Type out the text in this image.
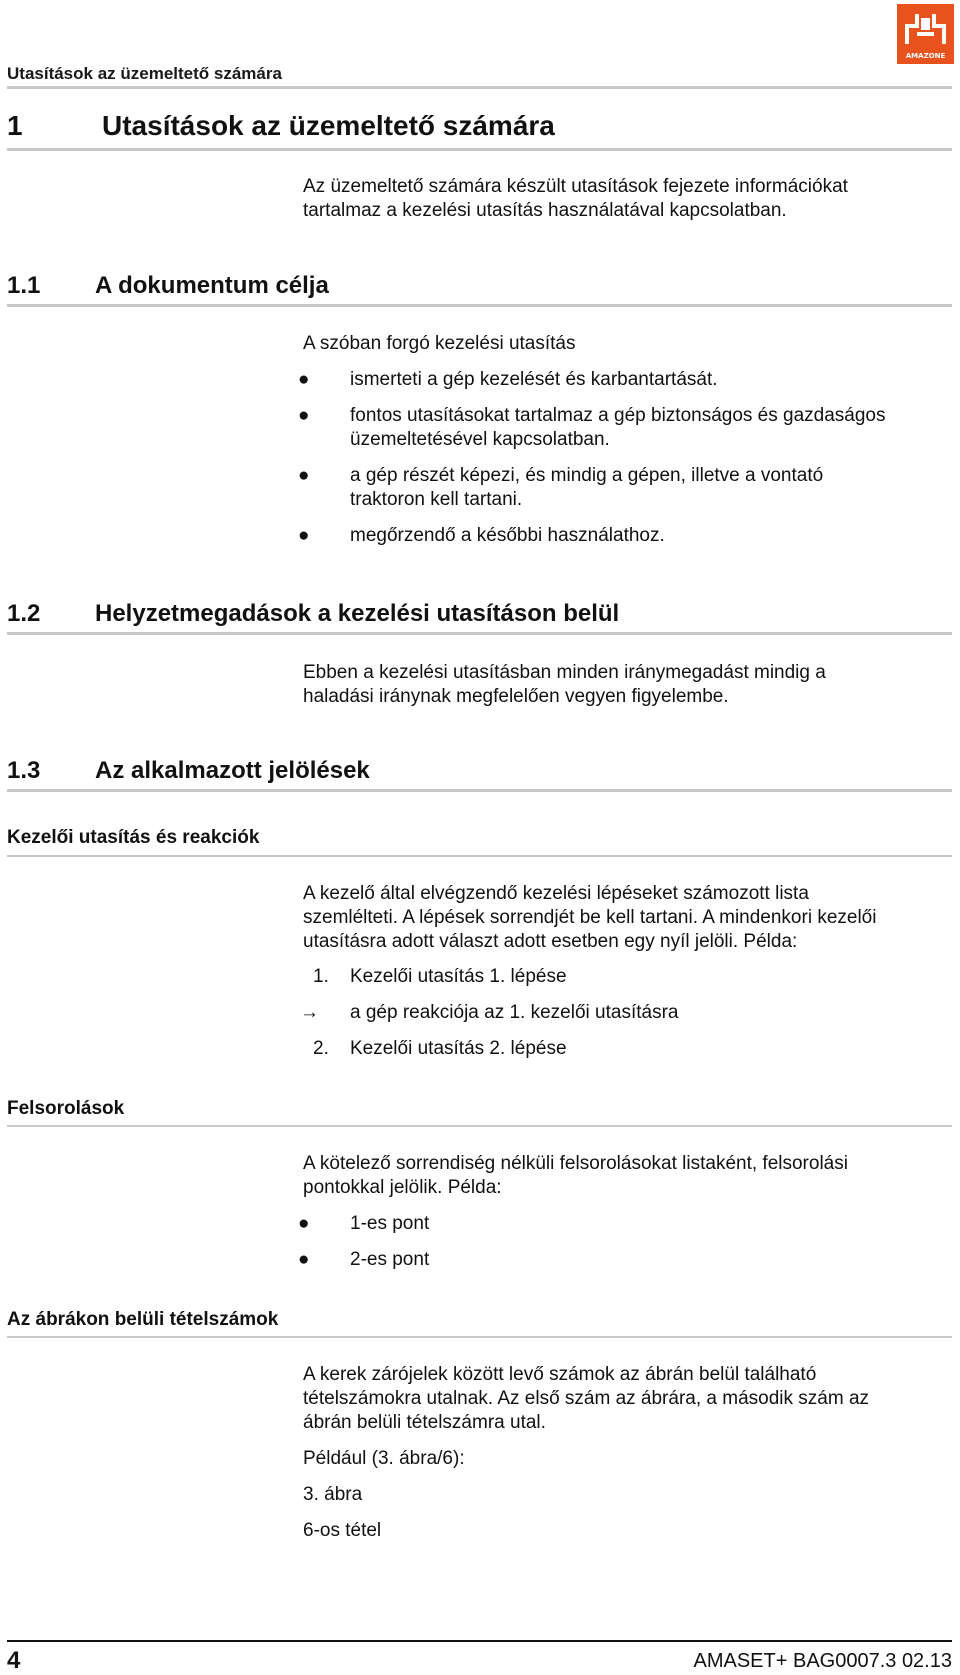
AMAZONE
Utasítások az üzemeltető számára
1	Utasítások az üzemeltető számára
Az üzemeltető számára készült utasítások fejezete információkat
tartalmaz a kezelési utasítás használatával kapcsolatban.
1.1 A dokumentum célja
A szóban forgó kezelési utasítás
●	ismerteti a gép kezelését és karbantartását.
●	fontos utasításokat tartalmaz a gép biztonságos és gazdaságos
üzemeltetésével kapcsolatban.
●	a gép részét képezi, és mindig a gépen, illetve a vontató
traktoron kell tartani.
●	megőrzendő a későbbi használathoz.
1.2 Helyzetmegadások a kezelési utasításon belül
Ebben a kezelési utasításban minden iránymegadást mindig a
haladási iránynak megfelelően vegyen figyelembe.
1.3 Az alkalmazott jelölések
Kezelői utasítás és reakciók
A kezelő által elvégzendő kezelési lépéseket számozott lista
szemlélteti. A lépések sorrendjét be kell tartani. A mindenkori kezelői
utasításra adott választ adott esetben egy nyíl jelöli. Példa:
1. Kezelői utasítás 1. lépése
→	a gép reakciója az 1. kezelői utasításra
2. Kezelői utasítás 2. lépése
Felsorolások
A kötelező sorrendiség nélküli felsorolásokat listaként, felsorolási
pontokkal jelölik. Példa:
●	1-es pont
●	2-es pont
Az ábrákon belüli tételszámok
A kerek zárójelek között levő számok az ábrán belül található
tételszámokra utalnak. Az első szám az ábrára, a második szám az
ábrán belüli tételszámra utal.
Például (3. ábra/6):
3. ábra
6-os tétel
4	AMASET+ BAG0007.3 02.13
